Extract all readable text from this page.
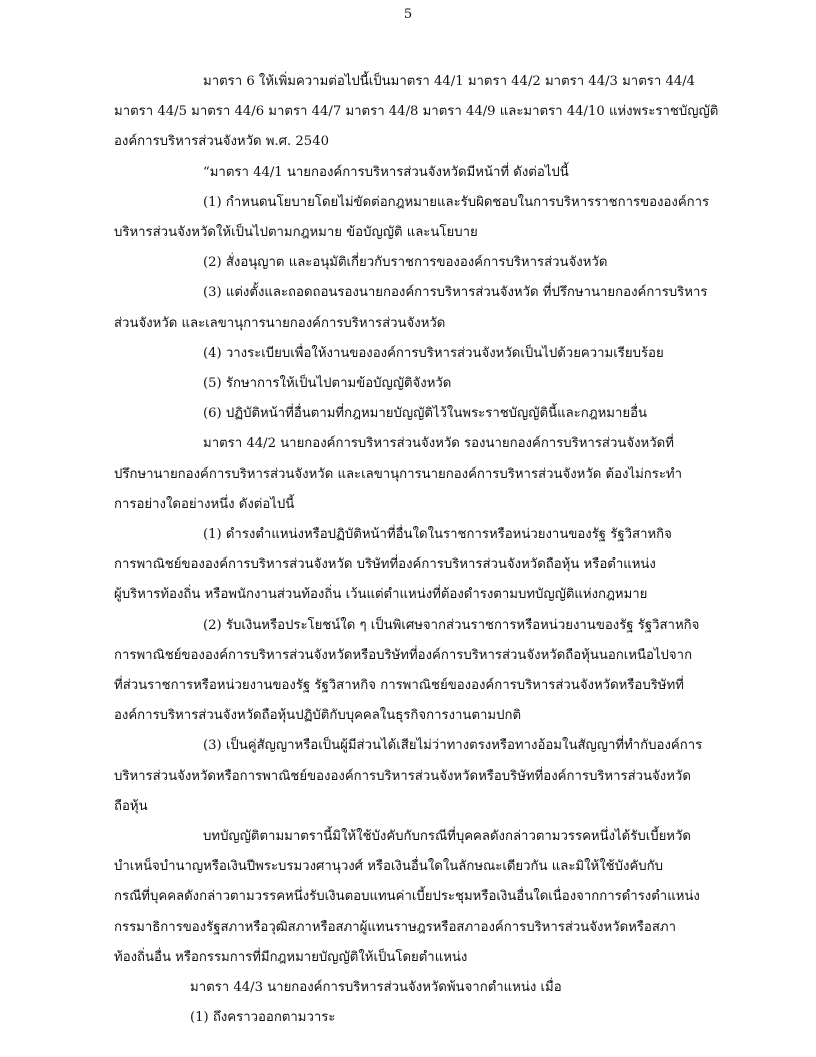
5
มาตรา 6 ให้เพิ่มความต่อไปนี้เป็นมาตรา 44/1 มาตรา 44/2 มาตรา 44/3 มาตรา 44/4
มาตรา 44/5 มาตรา 44/6 มาตรา 44/7 มาตรา 44/8 มาตรา 44/9 และมาตรา 44/10 แห่งพระราชบัญญัติ
องค์การบริหารส่วนจังหวัด พ.ศ. 2540
“มาตรา 44/1 นายกองค์การบริหารส่วนจังหวัดมีหน้าที่ ดังต่อไปนี้
(1) กำหนดนโยบายโดยไม่ขัดต่อกฎหมายและรับผิดชอบในการบริหารราชการขององค์การ
บริหารส่วนจังหวัดให้เป็นไปตามกฎหมาย ข้อบัญญัติ และนโยบาย
(2) สั่งอนุญาต และอนุมัติเกี่ยวกับราชการขององค์การบริหารส่วนจังหวัด
(3) แต่งตั้งและถอดถอนรองนายกองค์การบริหารส่วนจังหวัด ที่ปรึกษานายกองค์การบริหาร
ส่วนจังหวัด และเลขานุการนายกองค์การบริหารส่วนจังหวัด
(4) วางระเบียบเพื่อให้งานขององค์การบริหารส่วนจังหวัดเป็นไปด้วยความเรียบร้อย
(5) รักษาการให้เป็นไปตามข้อบัญญัติจังหวัด
(6) ปฏิบัติหน้าที่อื่นตามที่กฎหมายบัญญัติไว้ในพระราชบัญญัตินี้และกฎหมายอื่น
มาตรา 44/2 นายกองค์การบริหารส่วนจังหวัด รองนายกองค์การบริหารส่วนจังหวัดที่
ปรึกษานายกองค์การบริหารส่วนจังหวัด และเลขานุการนายกองค์การบริหารส่วนจังหวัด ต้องไม่กระทำ
การอย่างใดอย่างหนึ่ง ดังต่อไปนี้
(1) ดำรงตำแหน่งหรือปฏิบัติหน้าที่อื่นใดในราชการหรือหน่วยงานของรัฐ รัฐวิสาหกิจ
การพาณิชย์ขององค์การบริหารส่วนจังหวัด บริษัทที่องค์การบริหารส่วนจังหวัดถือหุ้น หรือตำแหน่ง
ผู้บริหารท้องถิ่น หรือพนักงานส่วนท้องถิ่น เว้นแต่ตำแหน่งที่ต้องดำรงตามบทบัญญัติแห่งกฎหมาย
(2) รับเงินหรือประโยชน์ใด ๆ เป็นพิเศษจากส่วนราชการหรือหน่วยงานของรัฐ รัฐวิสาหกิจ
การพาณิชย์ขององค์การบริหารส่วนจังหวัดหรือบริษัทที่องค์การบริหารส่วนจังหวัดถือหุ้นนอกเหนือไปจาก
ที่ส่วนราชการหรือหน่วยงานของรัฐ รัฐวิสาหกิจ การพาณิชย์ขององค์การบริหารส่วนจังหวัดหรือบริษัทที่
องค์การบริหารส่วนจังหวัดถือหุ้นปฏิบัติกับบุคคลในธุรกิจการงานตามปกติ
(3) เป็นคู่สัญญาหรือเป็นผู้มีส่วนได้เสียไม่ว่าทางตรงหรือทางอ้อมในสัญญาที่ทำกับองค์การ
บริหารส่วนจังหวัดหรือการพาณิชย์ขององค์การบริหารส่วนจังหวัดหรือบริษัทที่องค์การบริหารส่วนจังหวัด
ถือหุ้น
บทบัญญัติตามมาตรานี้มิให้ใช้บังคับกับกรณีที่บุคคลดังกล่าวตามวรรคหนึ่งได้รับเบี้ยหวัด
บำเหน็จบำนาญหรือเงินปีพระบรมวงศานุวงศ์ หรือเงินอื่นใดในลักษณะเดียวกัน และมิให้ใช้บังคับกับ
กรณีที่บุคคลดังกล่าวตามวรรคหนึ่งรับเงินตอบแทนค่าเบี้ยประชุมหรือเงินอื่นใดเนื่องจากการดำรงตำแหน่ง
กรรมาธิการของรัฐสภาหรือวุฒิสภาหรือสภาผู้แทนราษฎรหรือสภาองค์การบริหารส่วนจังหวัดหรือสภา
ท้องถิ่นอื่น หรือกรรมการที่มีกฎหมายบัญญัติให้เป็นโดยตำแหน่ง
มาตรา 44/3 นายกองค์การบริหารส่วนจังหวัดพ้นจากตำแหน่ง เมื่อ
(1) ถึงคราวออกตามวาระ
